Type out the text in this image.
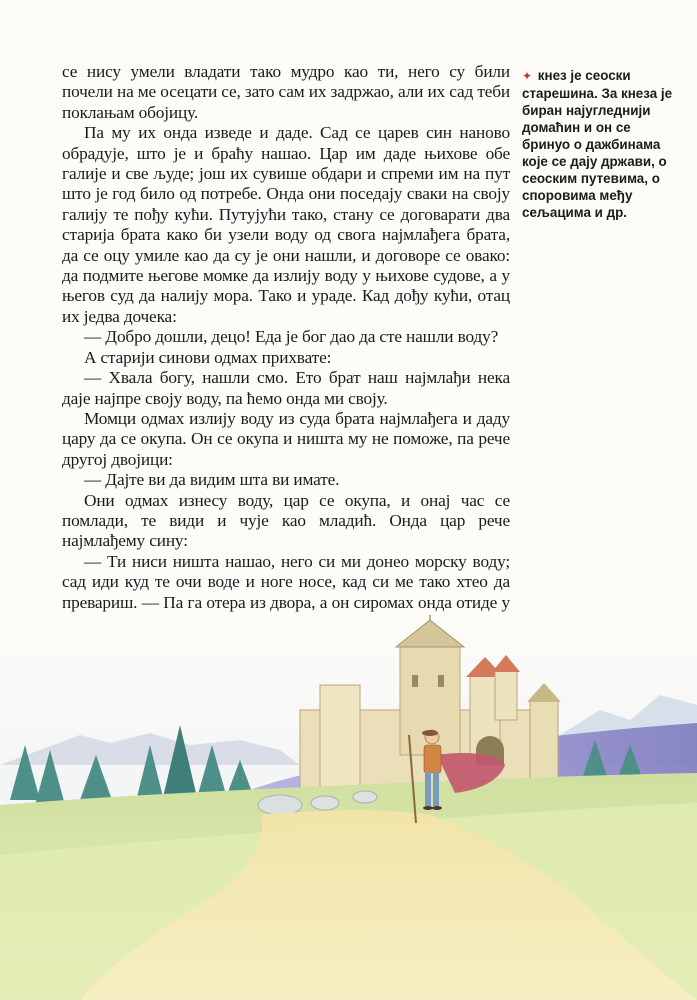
се нису умели владати тако мудро као ти, него су били почели на ме осецати се, зато сам их задржао, али их сад теби поклањам обојицу.

Па му их онда изведе и даде. Сад се царев син наново обрадује, што је и браћу нашао. Цар им даде њихове обе галије и све људе; још их сувише обдари и спреми им на пут што је год било од потребе. Онда они поседају сваки на своју галију те пођу кући. Путујући тако, стану се договарати два старија брата како би узели воду од свога најмлађега брата, да се оцу умиле као да су је они нашли, и договоре се овако: да подмите његове момке да излију воду у њихове судове, а у његов суд да налију мора. Тако и ураде. Кад дођу кући, отац их једва дочека:

— Добро дошли, децо! Еда је бог дао да сте нашли воду?

А старији синови одмах прихвате:

— Хвала богу, нашли смо. Ето брат наш најмлађи нека даје најпре своју воду, па ћемо онда ми своју.

Момци одмах излију воду из суда брата најмлађега и даду цару да се окупа. Он се окупа и ништа му не поможе, па рече другој двојици:

— Дајте ви да видим шта ви имате.

Они одмах изнесу воду, цар се окупа, и онај час се помлади, те види и чује као младић. Онда цар рече најмлађему сину:

— Ти ниси ништа нашао, него си ми донео морску воду; сад иди куд те очи воде и ноге носе, кад си ме тако хтео да превариш. — Па га отера из двора, а он сиромах онда отиде у

✦ кнез је сеоски старешина. За кнеза је биран најугледнији домаћин и он се бринуо о дажбинама које се дају држави, о сеоским путевима, о споровима међу сељацима и др.
